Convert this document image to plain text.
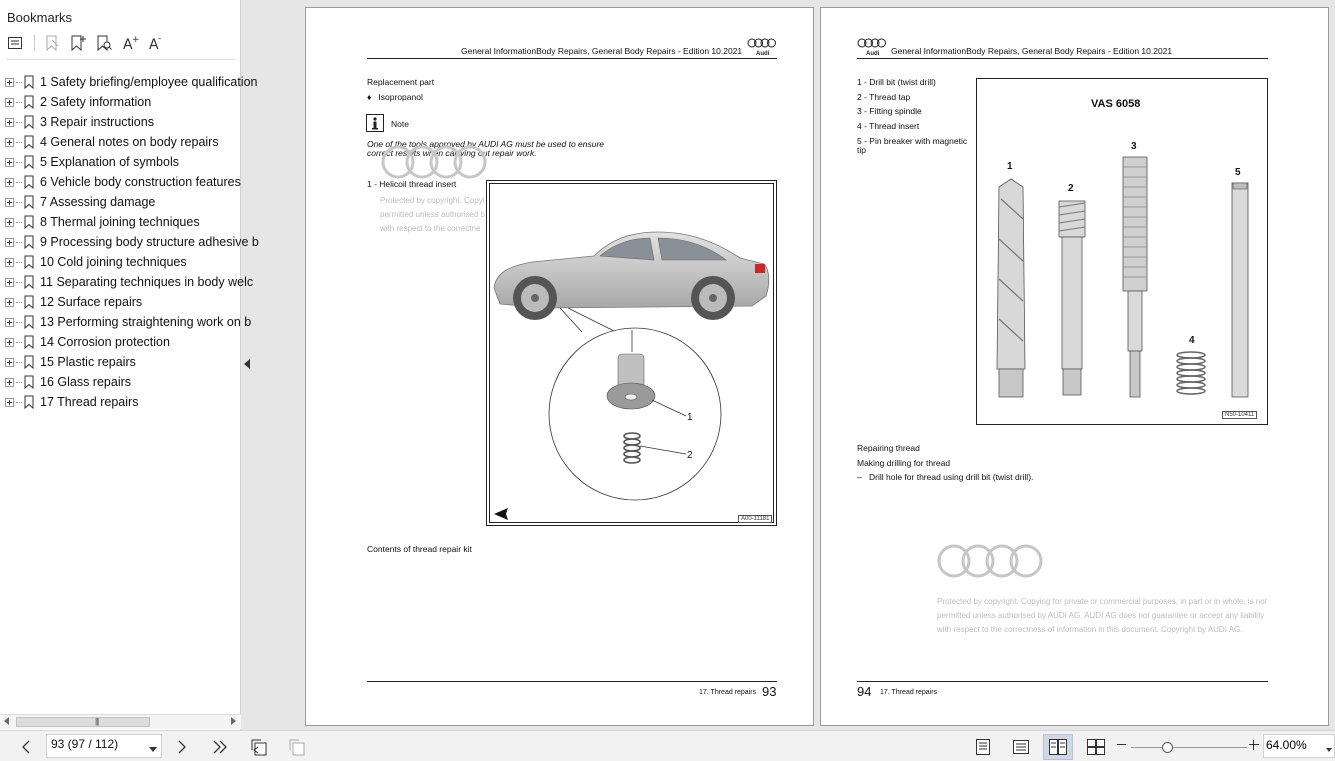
Bookmarks
A + A -
1 Safety briefing/employee qualification
2 Safety information
3 Repair instructions
4 General notes on body repairs
5 Explanation of symbols
6 Vehicle body construction features
7 Assessing damage
8 Thermal joining techniques
9 Processing body structure adhesive b
10 Cold joining techniques
11 Separating techniques in body welc
12 Surface repairs
13 Performing straightening work on b
14 Corrosion protection
15 Plastic repairs
16 Glass repairs
17 Thread repairs
|||
General InformationBody Repairs, General Body Repairs - Edition 10.2021 Audi
Replacement part
♦   Isopropanol
Note
One of the tools approved by AUDI AG must be used to ensure
correct results when carrying out repair work.
1 - Helicoil thread insert
Protected by copyright. Copyi
permitted unless authorised b
with respect to the correctne
1
2
A00-11181
Contents of thread repair kit
17. Thread repairs 93
Audi General InformationBody Repairs, General Body Repairs - Edition 10.2021
1 - Drill bit (twist drill)
2 - Thread tap
3 - Fitting spindle
4 - Thread insert
5 - Pin breaker with magnetic
tip
VAS 6058
1
2
3
4
5
N50-10411
Repairing thread
Making drilling for thread
– Drill hole for thread using drill bit (twist drill).
Protected by copyright. Copying for private or commercial purposes, in part or in whole, is not
permitted unless authorised by AUDI AG. AUDI AG does not guarantee or accept any liability
with respect to the correctness of information in this document. Copyright by AUDI AG.
94 17. Thread repairs
93 (97 / 112)	64.00%
